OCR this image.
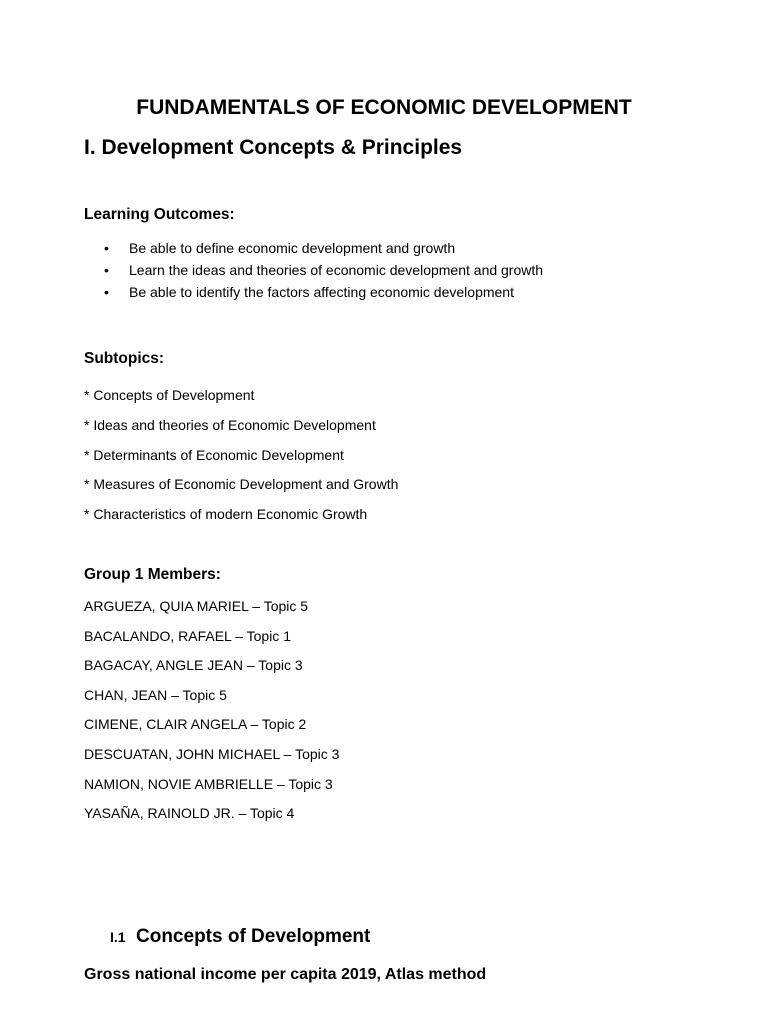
FUNDAMENTALS OF ECONOMIC DEVELOPMENT
I. Development Concepts & Principles
Learning Outcomes:
• Be able to define economic development and growth
• Learn the ideas and theories of economic development and growth
• Be able to identify the factors affecting economic development
Subtopics:
* Concepts of Development
* Ideas and theories of Economic Development
* Determinants of Economic Development
* Measures of Economic Development and Growth
* Characteristics of modern Economic Growth
Group 1 Members:
ARGUEZA, QUIA MARIEL – Topic 5
BACALANDO, RAFAEL – Topic 1
BAGACAY, ANGLE JEAN – Topic 3
CHAN, JEAN – Topic 5
CIMENE, CLAIR ANGELA – Topic 2
DESCUATAN, JOHN MICHAEL – Topic 3
NAMION, NOVIE AMBRIELLE – Topic 3
YASAÑA, RAINOLD JR. – Topic 4
I.1 Concepts of Development

Gross national income per capita 2019, Atlas method
